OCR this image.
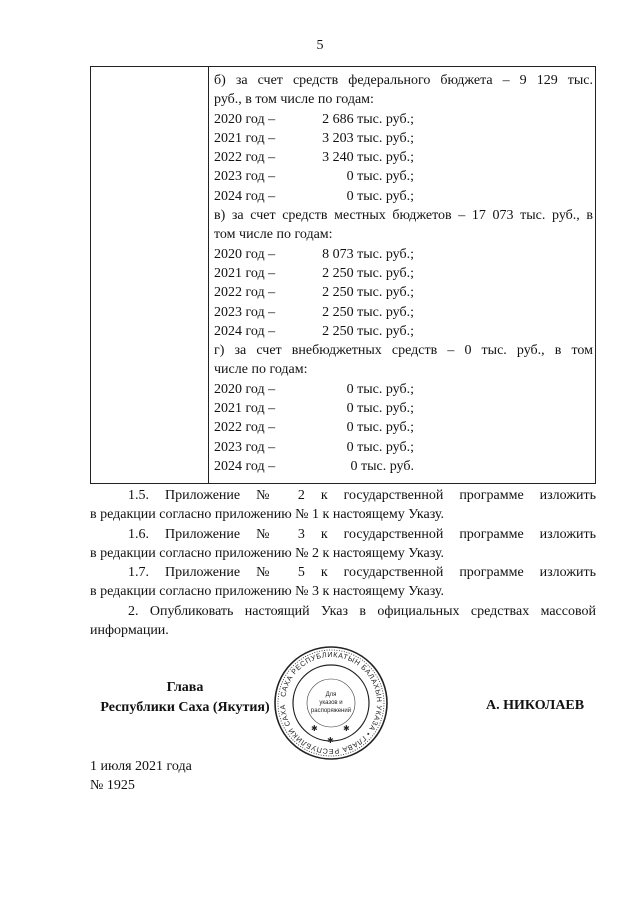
5
б) за счет средств федерального бюджета – 9 129 тыс.
руб., в том числе по годам:
2020 год –	2 686 тыс. руб.;
2021 год –	3 203 тыс. руб.;
2022 год –	3 240 тыс. руб.;
2023 год –	0 тыс. руб.;
2024 год –	0 тыс. руб.;
в) за счет средств местных бюджетов – 17 073 тыс. руб., в
том числе по годам:
2020 год –	8 073 тыс. руб.;
2021 год –	2 250 тыс. руб.;
2022 год –	2 250 тыс. руб.;
2023 год –	2 250 тыс. руб.;
2024 год –	2 250 тыс. руб.;
г) за счет внебюджетных средств – 0 тыс. руб., в том
числе по годам:
2020 год –	0 тыс. руб.;
2021 год –	0 тыс. руб.;
2022 год –	0 тыс. руб.;
2023 год –	0 тыс. руб.;
2024 год –	0 тыс. руб.
1.5. Приложение № 2 к государственной программе изложить
в редакции согласно приложению № 1 к настоящему Указу.
1.6. Приложение № 3 к государственной программе изложить
в редакции согласно приложению № 2 к настоящему Указу.
1.7. Приложение № 5 к государственной программе изложить
в редакции согласно приложению № 3 к настоящему Указу.
2. Опубликовать настоящий Указ в официальных средствах массовой
информации.
Глава
Республики Саха (Якутия)	А. НИКОЛАЕВ
САХА РЕСПУБЛИКАТЫН БАЛАХЫН УКАЗА • ГЛАВА РЕСПУБЛИКИ САХА
Для
указов и
распоряжений
✱	✱
✱
1 июля 2021 года
№ 1925
